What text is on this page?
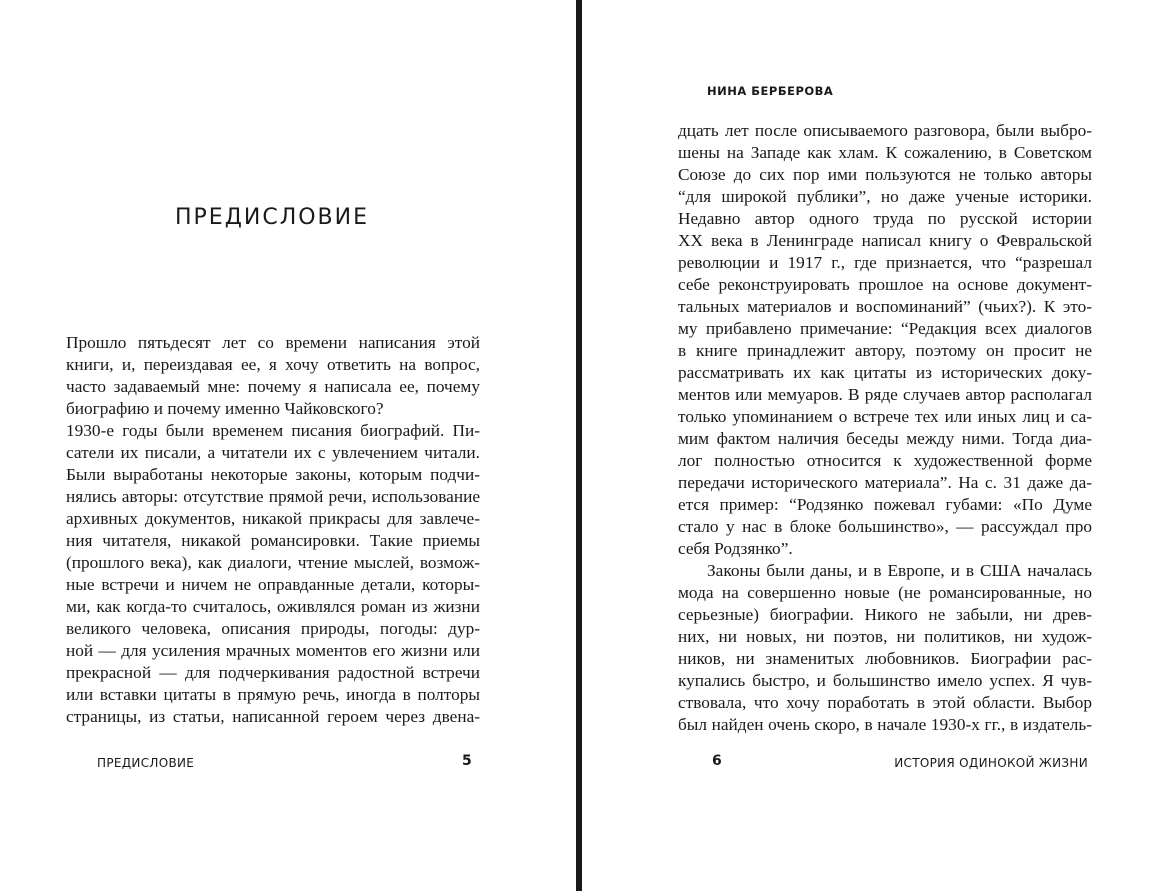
ПРЕДИСЛОВИЕ
Прошло пятьдесят лет со времени написания этой
книги, и, переиздавая ее, я хочу ответить на вопрос,
часто задаваемый мне: почему я написала ее, почему
биографию и почему именно Чайковского?
1930-е годы были временем писания биографий. Пи-
сатели их писали, а читатели их с увлечением читали.
Были выработаны некоторые законы, которым подчи-
нялись авторы: отсутствие прямой речи, использование
архивных документов, никакой прикрасы для завлече-
ния читателя, никакой романсировки. Такие приемы
(прошлого века), как диалоги, чтение мыслей, возмож-
ные встречи и ничем не оправданные детали, которы-
ми, как когда-то считалось, оживлялся роман из жизни
великого человека, описания природы, погоды: дур-
ной — для усиления мрачных моментов его жизни или
прекрасной — для подчеркивания радостной встречи
или вставки цитаты в прямую речь, иногда в полторы
страницы, из статьи, написанной героем через двена-
ПРЕДИСЛОВИЕ	5

НИНА БЕРБЕРОВА

дцать лет после описываемого разговора, были выбро-
шены на Западе как хлам. К сожалению, в Советском
Союзе до сих пор ими пользуются не только авторы
“для широкой публики”, но даже ученые историки.
Недавно автор одного труда по русской истории
XX века в Ленинграде написал книгу о Февральской
революции и 1917 г., где признается, что “разрешал
себе реконструировать прошлое на основе документ-
тальных материалов и воспоминаний” (чьих?). К это-
му прибавлено примечание: “Редакция всех диалогов
в книге принадлежит автору, поэтому он просит не
рассматривать их как цитаты из исторических доку-
ментов или мемуаров. В ряде случаев автор располагал
только упоминанием о встрече тех или иных лиц и са-
мим фактом наличия беседы между ними. Тогда диа-
лог полностью относится к художественной форме
передачи исторического материала”. На с. 31 даже да-
ется пример: “Родзянко пожевал губами: «По Думе
стало у нас в блоке большинство», — рассуждал про
себя Родзянко”.
Законы были даны, и в Европе, и в США началась
мода на совершенно новые (не романсированные, но
серьезные) биографии. Никого не забыли, ни древ-
них, ни новых, ни поэтов, ни политиков, ни худож-
ников, ни знаменитых любовников. Биографии рас-
купались быстро, и большинство имело успех. Я чув-
ствовала, что хочу поработать в этой области. Выбор
был найден очень скоро, в начале 1930-х гг., в издатель-
6	ИСТОРИЯ ОДИНОКОЙ ЖИЗНИ
